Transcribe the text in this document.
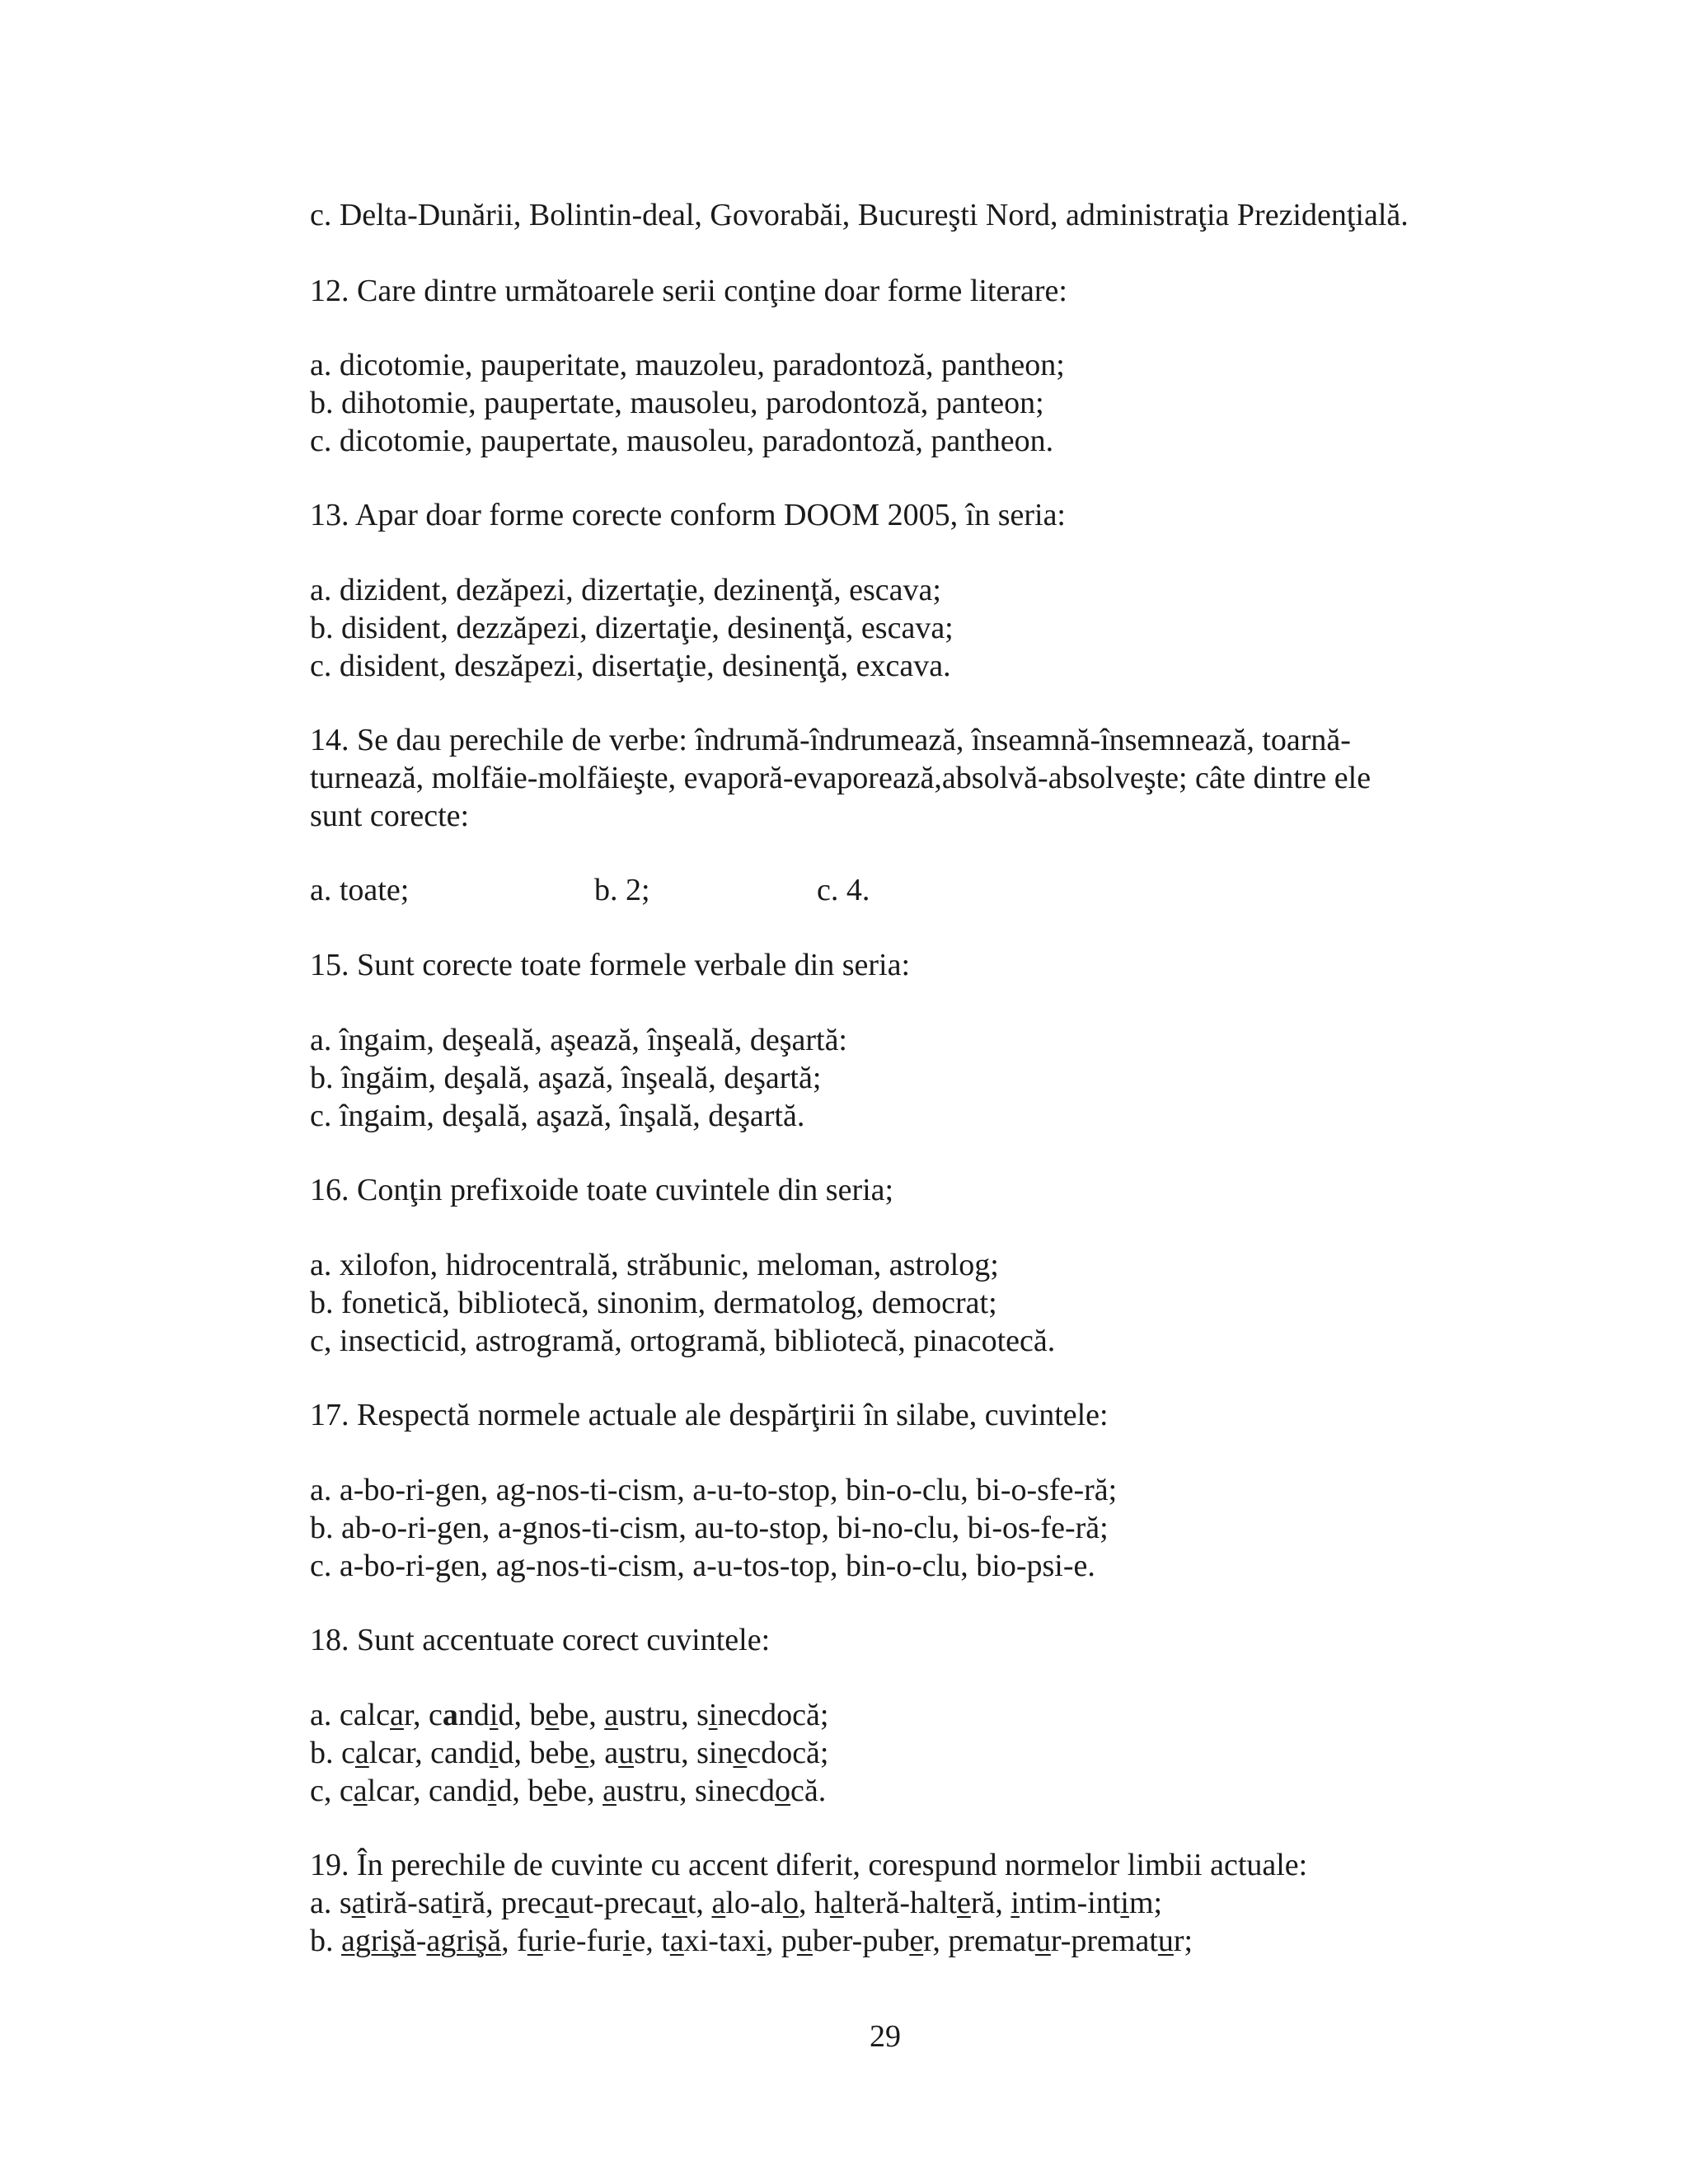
c. Delta-Dunării, Bolintin-deal, Govorabăi, Bucureşti Nord, administraţia Prezidenţială.
12. Care dintre următoarele serii conţine doar forme literare:
a. dicotomie, pauperitate, mauzoleu, paradontoză, pantheon;
b. dihotomie, paupertate, mausoleu, parodontoză, panteon;
c. dicotomie, paupertate, mausoleu, paradontoză, pantheon.
13. Apar doar forme corecte conform DOOM 2005, în seria:
a. dizident, dezăpezi, dizertaţie, dezinenţă, escava;
b. disident, dezzăpezi, dizertaţie, desinenţă, escava;
c. disident, deszăpezi, disertaţie, desinenţă, excava.
14. Se dau perechile de verbe: îndrumă-îndrumează, înseamnă-însemnează, toarnă-
turnează, molfăie-molfăieşte, evaporă-evaporează,absolvă-absolveşte; câte dintre ele
sunt corecte:
a. toate;	b. 2;	c. 4.
15. Sunt corecte toate formele verbale din seria:
a. îngaim, deşeală, aşează, înşeală, deşartă:
b. îngăim, deşală, aşază, înşeală, deşartă;
c. îngaim, deşală, aşază, înşală, deşartă.
16. Conţin prefixoide toate cuvintele din seria;
a. xilofon, hidrocentrală, străbunic, meloman, astrolog;
b. fonetică, bibliotecă, sinonim, dermatolog, democrat;
c, insecticid, astrogramă, ortogramă, bibliotecă, pinacotecă.
17. Respectă normele actuale ale despărţirii în silabe, cuvintele:
a. a-bo-ri-gen, ag-nos-ti-cism, a-u-to-stop, bin-o-clu, bi-o-sfe-ră;
b. ab-o-ri-gen, a-gnos-ti-cism, au-to-stop, bi-no-clu, bi-os-fe-ră;
c. a-bo-ri-gen, ag-nos-ti-cism, a-u-tos-top, bin-o-clu, bio-psi-e.
18. Sunt accentuate corect cuvintele:
a. calcar, candid, bebe, austru, sinecdocă;
b. calcar, candid, bebe, austru, sinecdocă;
c, calcar, candid, bebe, austru, sinecdocă.
19. În perechile de cuvinte cu accent diferit, corespund normelor limbii actuale:
a. satiră-satiră, precaut-precaut, alo-alo, halteră-halteră, intim-intim;
b. agrişă-agrişă, furie-furie, taxi-taxi, puber-puber, prematur-prematur;
29
